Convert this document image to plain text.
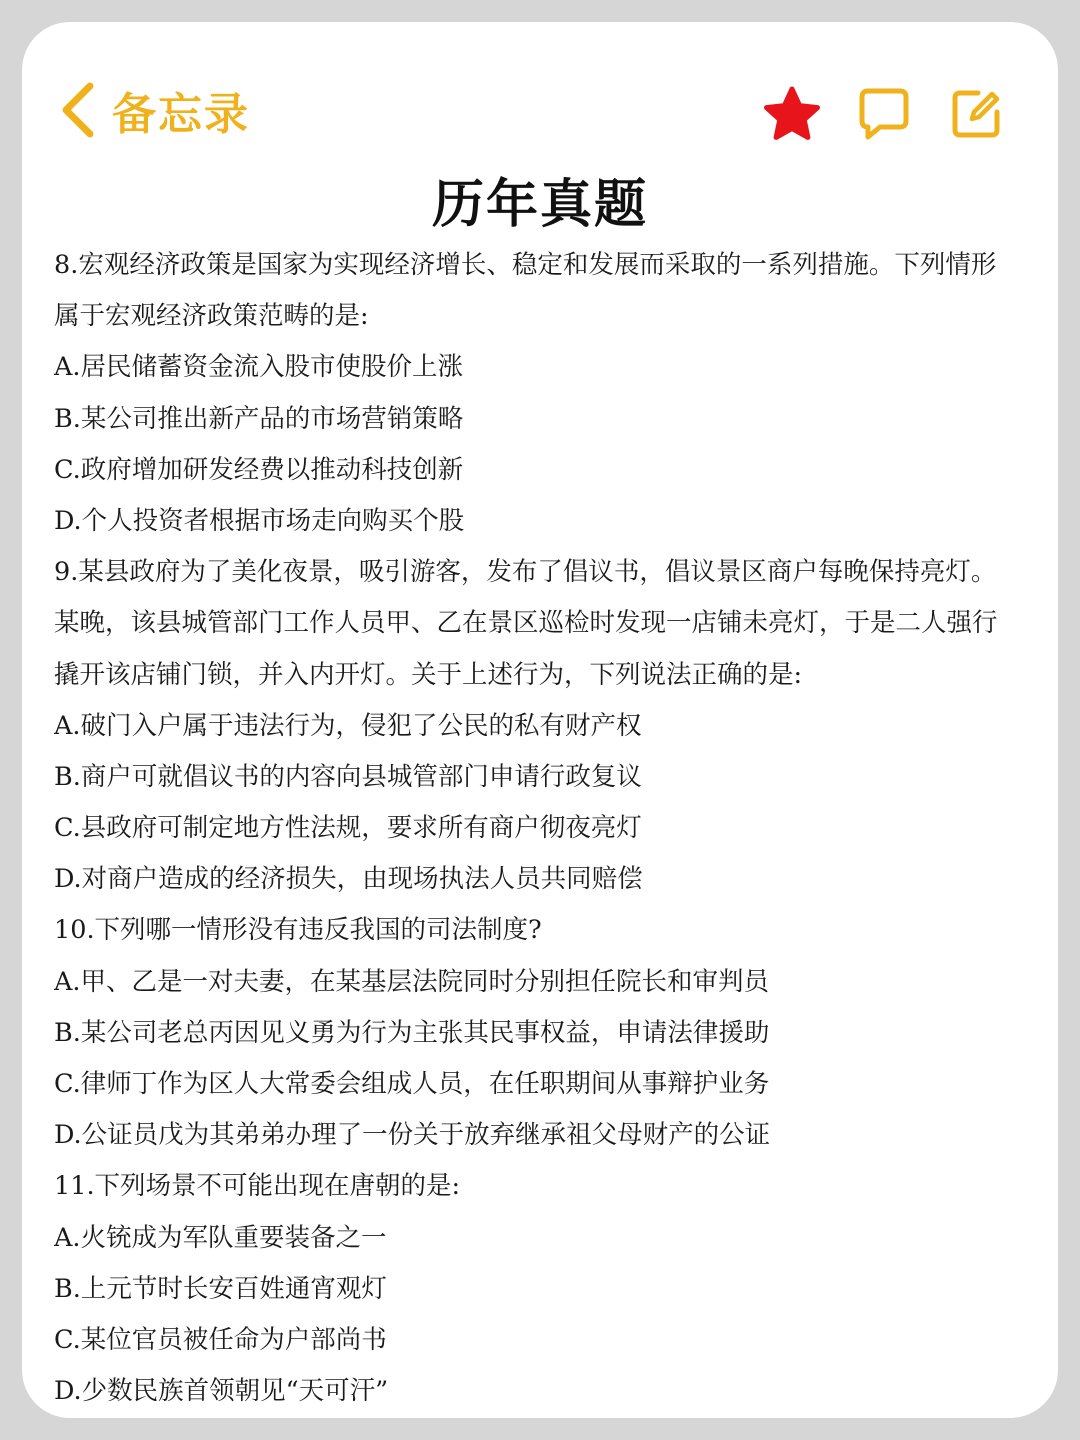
备忘录
历年真题
8.宏观经济政策是国家为实现经济增长、稳定和发展而采取的一系列措施。下列情形
属于宏观经济政策范畴的是:
A.居民储蓄资金流入股市使股价上涨
B.某公司推出新产品的市场营销策略
C.政府增加研发经费以推动科技创新
D.个人投资者根据市场走向购买个股
9.某县政府为了美化夜景，吸引游客，发布了倡议书，倡议景区商户每晚保持亮灯。
某晚，该县城管部门工作人员甲、乙在景区巡检时发现一店铺未亮灯，于是二人强行
撬开该店铺门锁，并入内开灯。关于上述行为，下列说法正确的是:
A.破门入户属于违法行为，侵犯了公民的私有财产权
B.商户可就倡议书的内容向县城管部门申请行政复议
C.县政府可制定地方性法规，要求所有商户彻夜亮灯
D.对商户造成的经济损失，由现场执法人员共同赔偿
10.下列哪一情形没有违反我国的司法制度?
A.甲、乙是一对夫妻，在某基层法院同时分别担任院长和审判员
B.某公司老总丙因见义勇为行为主张其民事权益，申请法律援助
C.律师丁作为区人大常委会组成人员，在任职期间从事辩护业务
D.公证员戊为其弟弟办理了一份关于放弃继承祖父母财产的公证
11.下列场景不可能出现在唐朝的是:
A.火铳成为军队重要装备之一
B.上元节时长安百姓通宵观灯
C.某位官员被任命为户部尚书
D.少数民族首领朝见“天可汗”
